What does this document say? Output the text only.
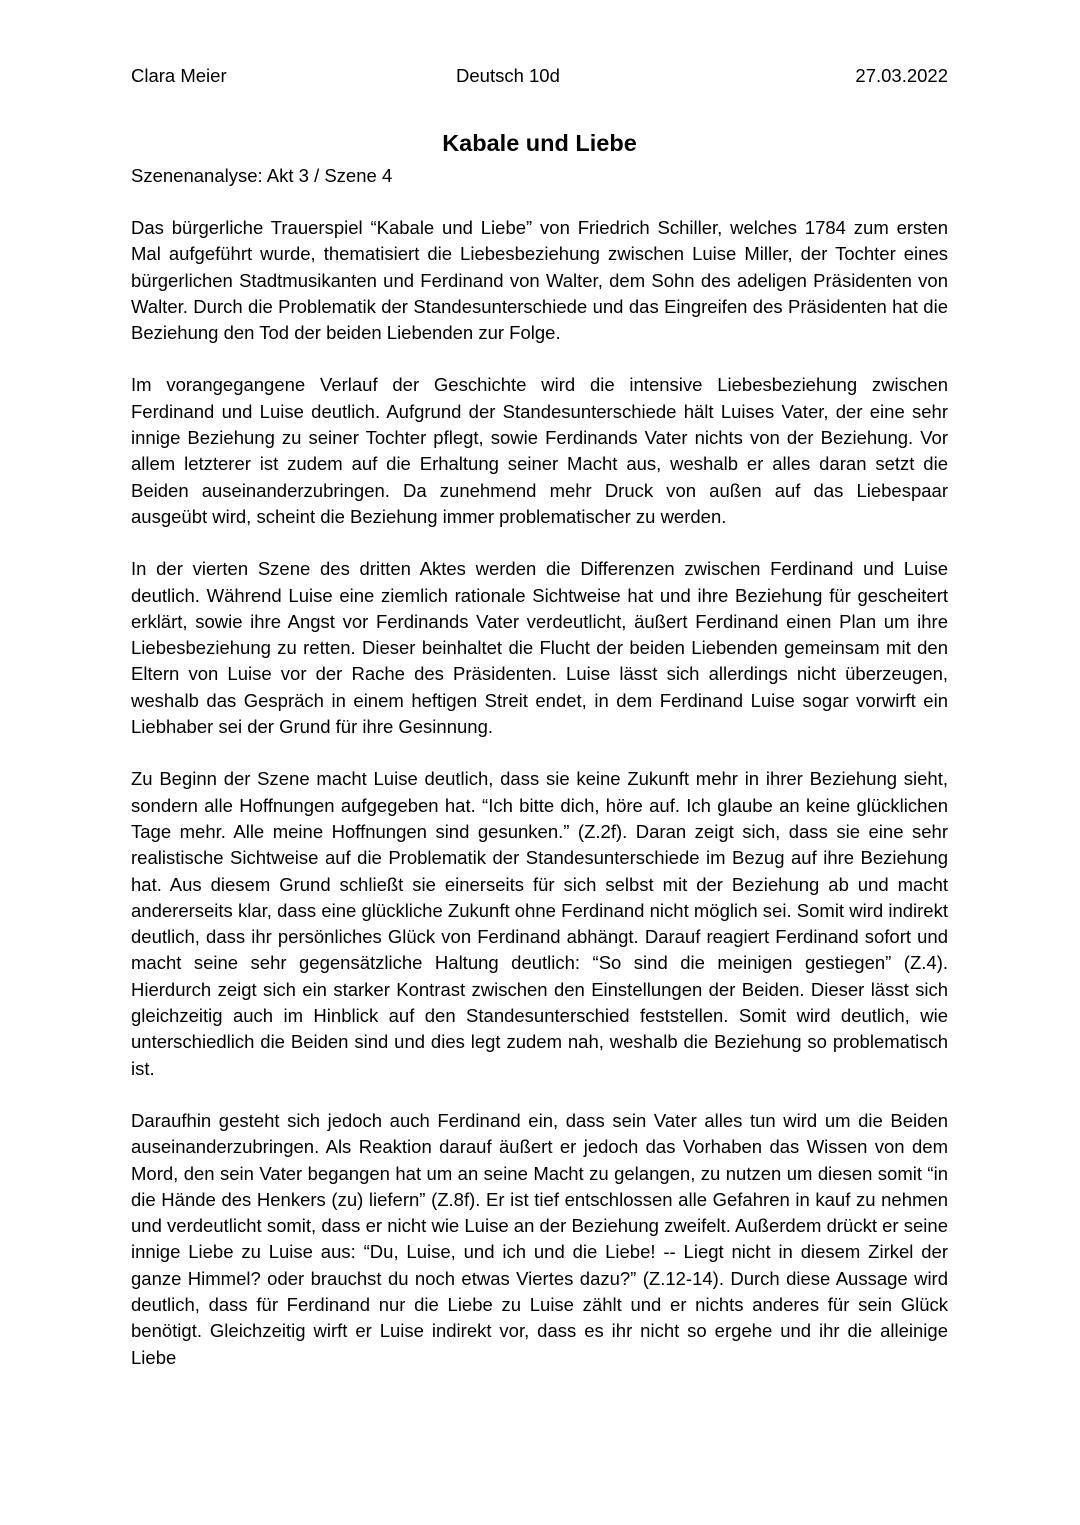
Clara Meier	Deutsch 10d	27.03.2022
Kabale und Liebe
Szenenanalyse: Akt 3 / Szene 4

Das bürgerliche Trauerspiel “Kabale und Liebe” von Friedrich Schiller, welches 1784 zum ersten Mal aufgeführt wurde, thematisiert die Liebesbeziehung zwischen Luise Miller, der Tochter eines bürgerlichen Stadtmusikanten und Ferdinand von Walter, dem Sohn des adeligen Präsidenten von Walter. Durch die Problematik der Standesunterschiede und das Eingreifen des Präsidenten hat die Beziehung den Tod der beiden Liebenden zur Folge.

Im vorangegangene Verlauf der Geschichte wird die intensive Liebesbeziehung zwischen Ferdinand und Luise deutlich. Aufgrund der Standesunterschiede hält Luises Vater, der eine sehr innige Beziehung zu seiner Tochter pflegt, sowie Ferdinands Vater nichts von der Beziehung. Vor allem letzterer ist zudem auf die Erhaltung seiner Macht aus, weshalb er alles daran setzt die Beiden auseinanderzubringen. Da zunehmend mehr Druck von außen auf das Liebespaar ausgeübt wird, scheint die Beziehung immer problematischer zu werden.

In der vierten Szene des dritten Aktes werden die Differenzen zwischen Ferdinand und Luise deutlich. Während Luise eine ziemlich rationale Sichtweise hat und ihre Beziehung für gescheitert erklärt, sowie ihre Angst vor Ferdinands Vater verdeutlicht, äußert Ferdinand einen Plan um ihre Liebesbeziehung zu retten. Dieser beinhaltet die Flucht der beiden Liebenden gemeinsam mit den Eltern von Luise vor der Rache des Präsidenten. Luise lässt sich allerdings nicht überzeugen, weshalb das Gespräch in einem heftigen Streit endet, in dem Ferdinand Luise sogar vorwirft ein Liebhaber sei der Grund für ihre Gesinnung.

Zu Beginn der Szene macht Luise deutlich, dass sie keine Zukunft mehr in ihrer Beziehung sieht, sondern alle Hoffnungen aufgegeben hat. “Ich bitte dich, höre auf. Ich glaube an keine glücklichen Tage mehr. Alle meine Hoffnungen sind gesunken.” (Z.2f). Daran zeigt sich, dass sie eine sehr realistische Sichtweise auf die Problematik der Standesunterschiede im Bezug auf ihre Beziehung hat. Aus diesem Grund schließt sie einerseits für sich selbst mit der Beziehung ab und macht andererseits klar, dass eine glückliche Zukunft ohne Ferdinand nicht möglich sei. Somit wird indirekt deutlich, dass ihr persönliches Glück von Ferdinand abhängt. Darauf reagiert Ferdinand sofort und macht seine sehr gegensätzliche Haltung deutlich: “So sind die meinigen gestiegen” (Z.4). Hierdurch zeigt sich ein starker Kontrast zwischen den Einstellungen der Beiden. Dieser lässt sich gleichzeitig auch im Hinblick auf den Standesunterschied feststellen. Somit wird deutlich, wie unterschiedlich die Beiden sind und dies legt zudem nah, weshalb die Beziehung so problematisch ist.

Daraufhin gesteht sich jedoch auch Ferdinand ein, dass sein Vater alles tun wird um die Beiden auseinanderzubringen. Als Reaktion darauf äußert er jedoch das Vorhaben das Wissen von dem Mord, den sein Vater begangen hat um an seine Macht zu gelangen, zu nutzen um diesen somit “in die Hände des Henkers (zu) liefern” (Z.8f). Er ist tief entschlossen alle Gefahren in kauf zu nehmen und verdeutlicht somit, dass er nicht wie Luise an der Beziehung zweifelt. Außerdem drückt er seine innige Liebe zu Luise aus: “Du, Luise, und ich und die Liebe! -- Liegt nicht in diesem Zirkel der ganze Himmel? oder brauchst du noch etwas Viertes dazu?” (Z.12-14). Durch diese Aussage wird deutlich, dass für Ferdinand nur die Liebe zu Luise zählt und er nichts anderes für sein Glück benötigt. Gleichzeitig wirft er Luise indirekt vor, dass es ihr nicht so ergehe und ihr die alleinige Liebe
